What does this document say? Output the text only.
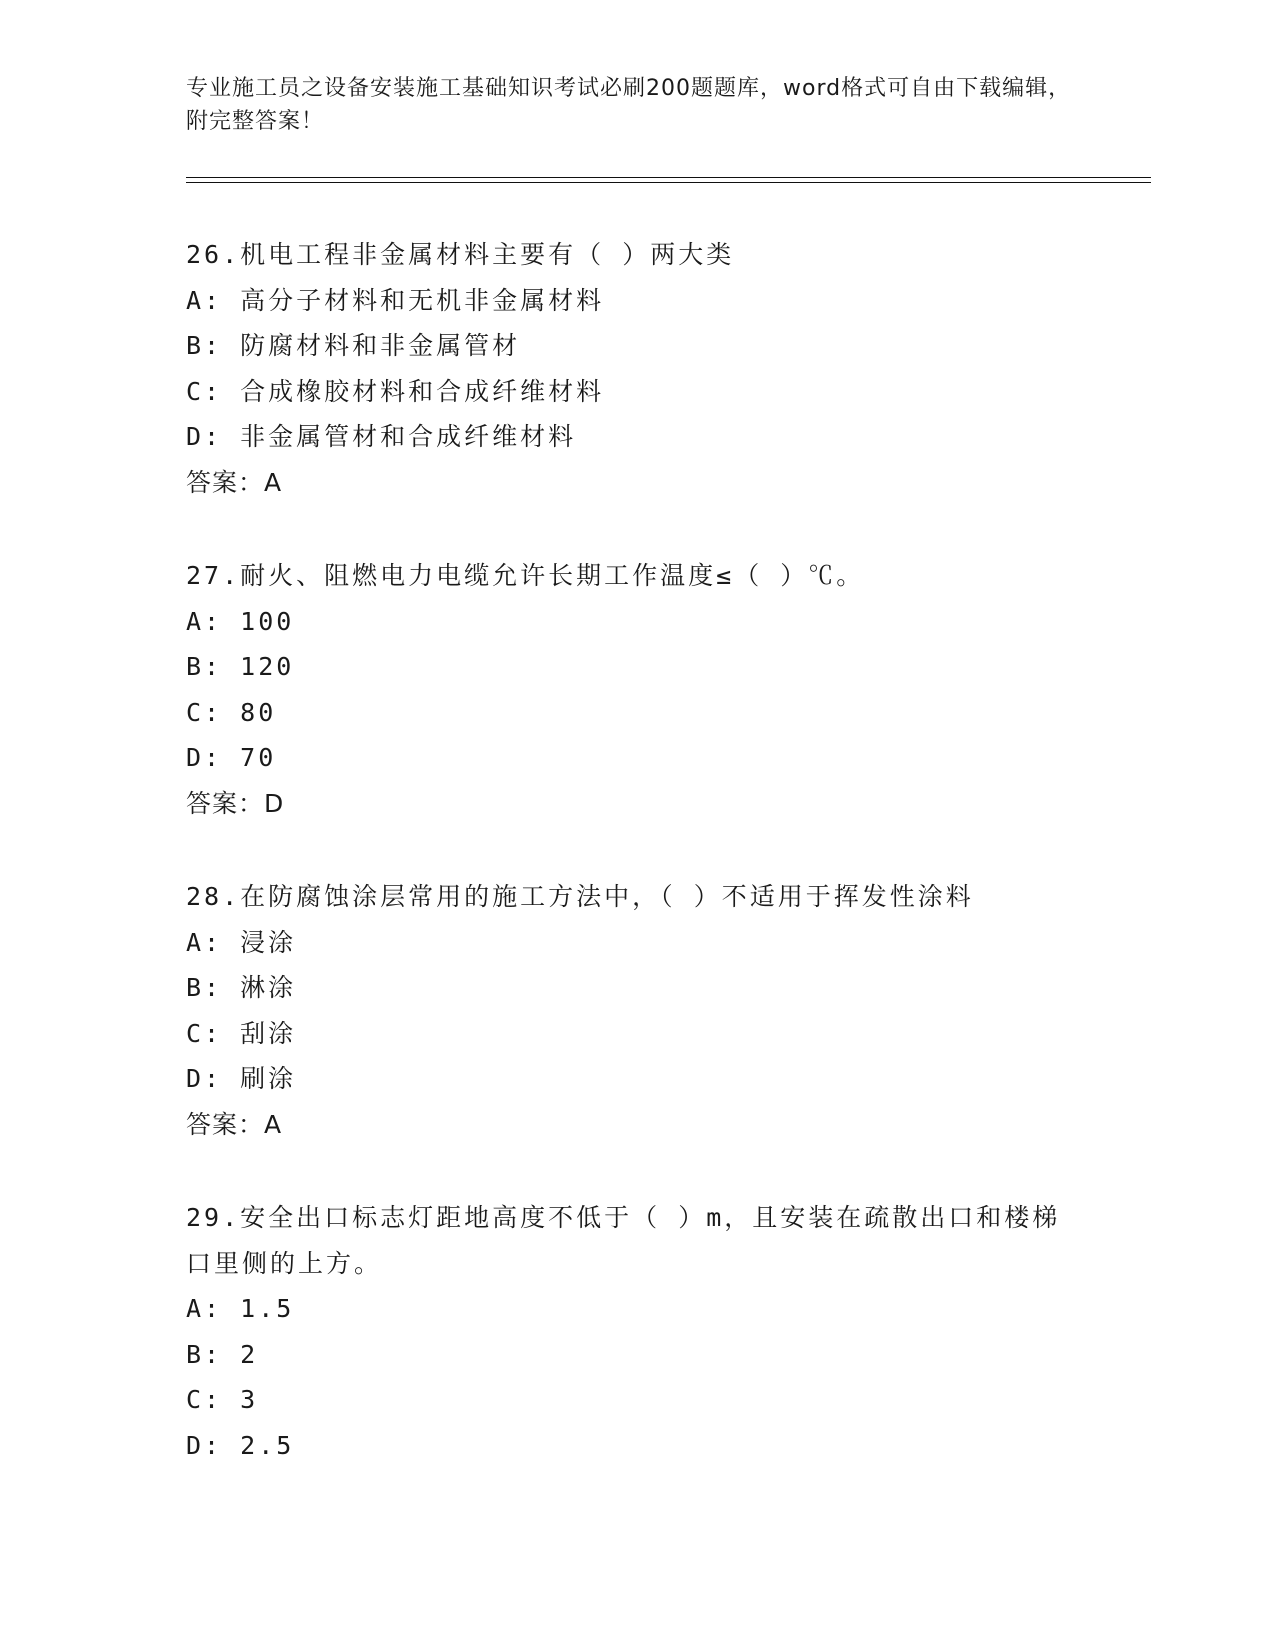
专业施工员之设备安装施工基础知识考试必刷200题题库，word格式可自由下载编辑，附完整答案！
26.机电工程非金属材料主要有（ ）两大类
A: 高分子材料和无机非金属材料
B: 防腐材料和非金属管材
C: 合成橡胶材料和合成纤维材料
D: 非金属管材和合成纤维材料
答案：A
27.耐火、阻燃电力电缆允许长期工作温度≤（ ）℃。
A: 100
B: 120
C: 80
D: 70
答案：D
28.在防腐蚀涂层常用的施工方法中，（ ）不适用于挥发性涂料
A: 浸涂
B: 淋涂
C: 刮涂
D: 刷涂
答案：A
29.安全出口标志灯距地高度不低于（ ）m，且安装在疏散出口和楼梯口里侧的上方。
A: 1.5
B: 2
C: 3
D: 2.5
